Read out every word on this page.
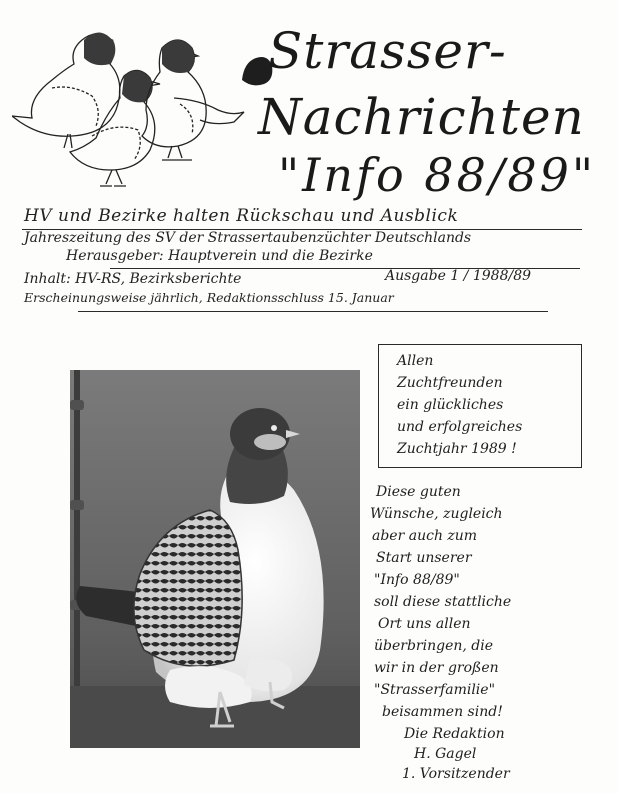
Strasser-
Nachrichten
"Info 88/89"
HV und Bezirke halten Rückschau und Ausblick
Jahreszeitung des SV der Strassertaubenzüchter Deutschlands
Herausgeber: Hauptverein und die Bezirke
Inhalt: HV-RS, Bezirksberichte	Ausgabe 1 / 1988/89
Erscheinungsweise jährlich, Redaktionsschluss 15. Januar
Allen
Zuchtfreunden
ein glückliches
und erfolgreiches
Zuchtjahr 1989 !
Diese guten
Wünsche, zugleich
aber auch zum
Start unserer
"Info 88/89"
soll diese stattliche
Ort uns allen
überbringen, die
wir in der großen
"Strasserfamilie"
beisammen sind!
Die Redaktion
H. Gagel
1. Vorsitzender
